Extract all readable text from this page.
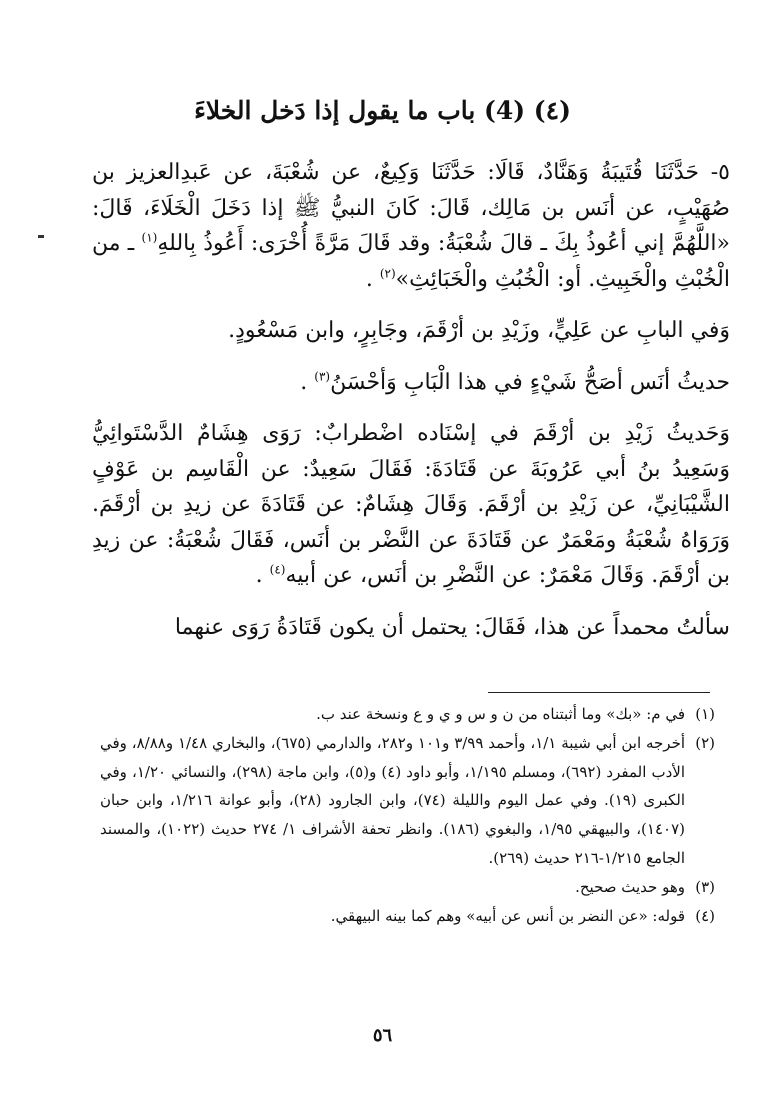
(٤) (4) باب ما يقول إذا دَخل الخلاءَ

٥- حَدَّثَنَا قُتَيبَةُ وَهَنَّادٌ، قَالَا: حَدَّثَنَا وَكِيعٌ، عن شُعْبَةَ، عن عَبدِالعزيز بن صُهَيْبٍ، عن أنَس بن مَالِك، قَالَ: كَانَ النبيُّ ﷺ إذا دَخَلَ الْخَلَاءَ، قَالَ: «اللَّهُمَّ إني أعُوذُ بِكَ ـ قالَ شُعْبَةُ: وقد قَالَ مَرَّةً أُخْرَى: أَعُوذُ بِاللهِ$^{(١)}$ ـ من الْخُبْثِ والْخَبِيثِ. أو: الْخُبُثِ والْخَبَائِثِ»$^{(٢)}$ .

وَفي البابِ عن عَلِيٍّ، وزَيْدِ بن أرْقَمَ، وجَابِرٍ، وابن مَسْعُودٍ.

حديثُ أنَس أصَحُّ شَيْءٍ في هذا الْبَابِ وَأحْسَنُ$^{(٣)}$ .

وَحَديثُ زَيْدِ بن أرْقَمَ في إسْنَاده اضْطرابٌ: رَوَى هِشَامٌ الدَّسْتَوائِيُّ وَسَعِيدُ بنُ أبي عَرُوبَةَ عن قَتَادَةَ: فَقَالَ سَعِيدٌ: عن الْقَاسِم بن عَوْفٍ الشَّيْبَانِيِّ، عن زَيْدِ بن أرْقَمَ. وَقَالَ هِشَامٌ: عن قَتَادَةَ عن زيدِ بن أرْقَمَ. وَرَوَاهُ شُعْبَةُ ومَعْمَرٌ عن قَتَادَةَ عن النَّضْر بن أنَس، فَقَالَ شُعْبَةُ: عن زيدِ بن أرْقَمَ. وَقَالَ مَعْمَرٌ: عن النَّضْرِ بن أنَس، عن أبيه$^{(٤)}$ .

سألتُ محمداً عن هذا، فَقَالَ: يحتمل أن يكون قَتَادَةُ رَوَى عنهما

(١)
في م: «بك» وما أثبتناه من ن و س و ي و ع ونسخة عند ب.
(٢)
أخرجه ابن أبي شيبة ١/١، وأحمد ٣/٩٩ و١٠١ و٢٨٢، والدارمي (٦٧٥)، والبخاري ١/٤٨ و٨/٨٨، وفي الأدب المفرد (٦٩٢)، ومسلم ١/١٩٥، وأبو داود (٤) و(٥)، وابن ماجة (٢٩٨)، والنسائي ١/٢٠، وفي الكبرى (١٩). وفي عمل اليوم والليلة (٧٤)، وابن الجارود (٢٨)، وأبو عوانة ١/٢١٦، وابن حبان (١٤٠٧)، والبيهقي ١/٩٥، والبغوي (١٨٦). وانظر تحفة الأشراف ١/ ٢٧٤ حديث (١٠٢٢)، والمسند الجامع ١/٢١٥-٢١٦ حديث (٢٦٩).
(٣)
وهو حديث صحيح.
(٤)
قوله: «عن النضر بن أنس عن أبيه» وهم كما بينه البيهقي.
٥٦
